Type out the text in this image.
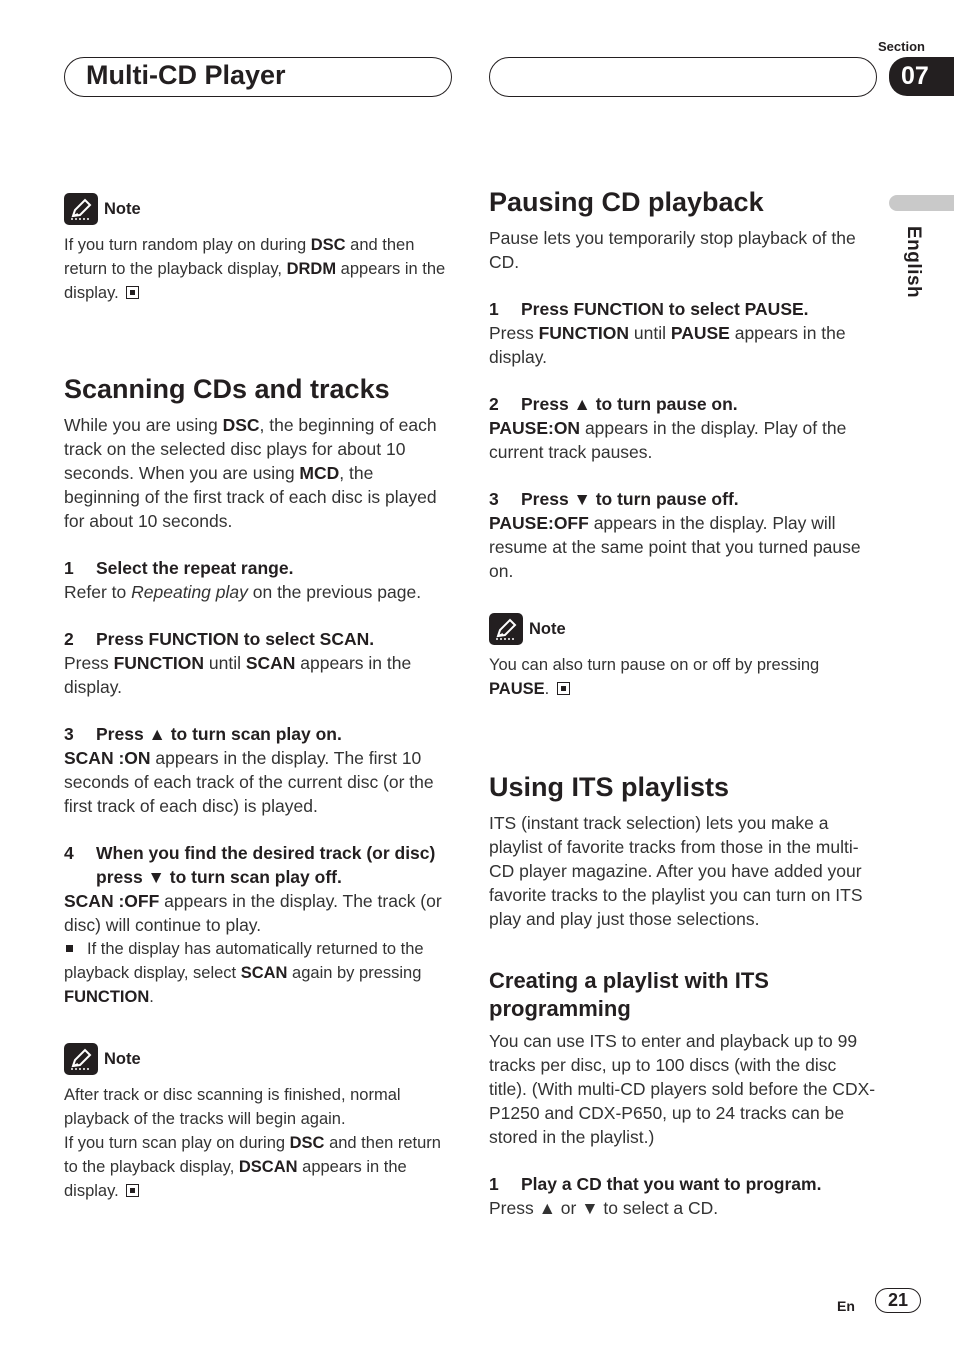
Multi-CD Player
Section
07
English
Note

If you turn random play on during DSC and then return to the playback display, DRDM appears in the display.

Scanning CDs and tracks

While you are using DSC, the beginning of each track on the selected disc plays for about 10 seconds. When you are using MCD, the beginning of the first track of each disc is played for about 10 seconds.

1 Select the repeat range.

Refer to Repeating play on the previous page.

2 Press FUNCTION to select SCAN.

Press FUNCTION until SCAN appears in the display.

3 Press ▲ to turn scan play on.

SCAN :ON appears in the display. The first 10 seconds of each track of the current disc (or the first track of each disc) is played.

4	When you find the desired track (or disc) press ▼ to turn scan play off.

SCAN :OFF appears in the display. The track (or disc) will continue to play.

If the display has automatically returned to the playback display, select SCAN again by pressing FUNCTION.

Note

After track or disc scanning is finished, normal playback of the tracks will begin again.

If you turn scan play on during DSC and then return to the playback display, DSCAN appears in the display.

Pausing CD playback

Pause lets you temporarily stop playback of the CD.

1 Press FUNCTION to select PAUSE.

Press FUNCTION until PAUSE appears in the display.

2 Press ▲ to turn pause on.

PAUSE:ON appears in the display. Play of the current track pauses.

3 Press ▼ to turn pause off.

PAUSE:OFF appears in the display. Play will resume at the same point that you turned pause on.

Note

You can also turn pause on or off by pressing PAUSE.

Using ITS playlists

ITS (instant track selection) lets you make a playlist of favorite tracks from those in the multi-CD player magazine. After you have added your favorite tracks to the playlist you can turn on ITS play and play just those selections.

Creating a playlist with ITS programming

You can use ITS to enter and playback up to 99 tracks per disc, up to 100 discs (with the disc title). (With multi-CD players sold before the CDX-P1250 and CDX-P650, up to 24 tracks can be stored in the playlist.)

1 Play a CD that you want to program.

Press ▲ or ▼ to select a CD.

En	21
